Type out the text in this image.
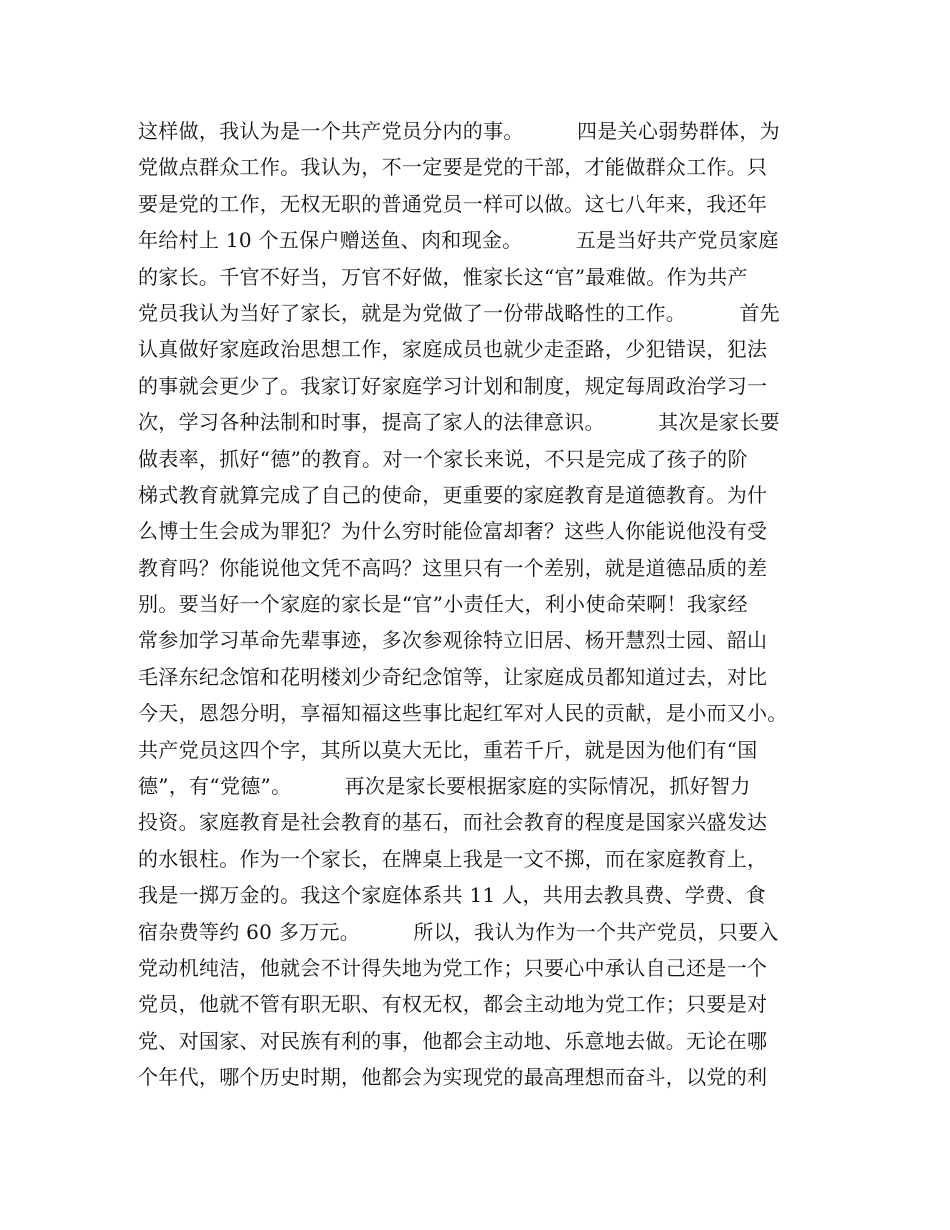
这样做，我认为是一个共产党员分内的事。        四是关心弱势群体，为
党做点群众工作。我认为，不一定要是党的干部，才能做群众工作。只
要是党的工作，无权无职的普通党员一样可以做。这七八年来，我还年
年给村上 10 个五保户赠送鱼、肉和现金。        五是当好共产党员家庭
的家长。千官不好当，万官不好做，惟家长这“官”最难做。作为共产
党员我认为当好了家长，就是为党做了一份带战略性的工作。        首先
认真做好家庭政治思想工作，家庭成员也就少走歪路，少犯错误，犯法
的事就会更少了。我家订好家庭学习计划和制度，规定每周政治学习一
次，学习各种法制和时事，提高了家人的法律意识。        其次是家长要
做表率，抓好“德”的教育。对一个家长来说，不只是完成了孩子的阶
梯式教育就算完成了自己的使命，更重要的家庭教育是道德教育。为什
么博士生会成为罪犯？为什么穷时能俭富却奢？这些人你能说他没有受
教育吗？你能说他文凭不高吗？这里只有一个差别，就是道德品质的差
别。要当好一个家庭的家长是“官”小责任大，利小使命荣啊！我家经
常参加学习革命先辈事迹，多次参观徐特立旧居、杨开慧烈士园、韶山
毛泽东纪念馆和花明楼刘少奇纪念馆等，让家庭成员都知道过去，对比
今天，恩怨分明，享福知福这些事比起红军对人民的贡献，是小而又小。
共产党员这四个字，其所以莫大无比，重若千斤，就是因为他们有“国
德”，有“党德”。        再次是家长要根据家庭的实际情况，抓好智力
投资。家庭教育是社会教育的基石，而社会教育的程度是国家兴盛发达
的水银柱。作为一个家长，在牌桌上我是一文不掷，而在家庭教育上，
我是一掷万金的。我这个家庭体系共 11 人，共用去教具费、学费、食
宿杂费等约 60 多万元。        所以，我认为作为一个共产党员，只要入
党动机纯洁，他就会不计得失地为党工作；只要心中承认自己还是一个
党员，他就不管有职无职、有权无权，都会主动地为党工作；只要是对
党、对国家、对民族有利的事，他都会主动地、乐意地去做。无论在哪
个年代，哪个历史时期，他都会为实现党的最高理想而奋斗，以党的利
